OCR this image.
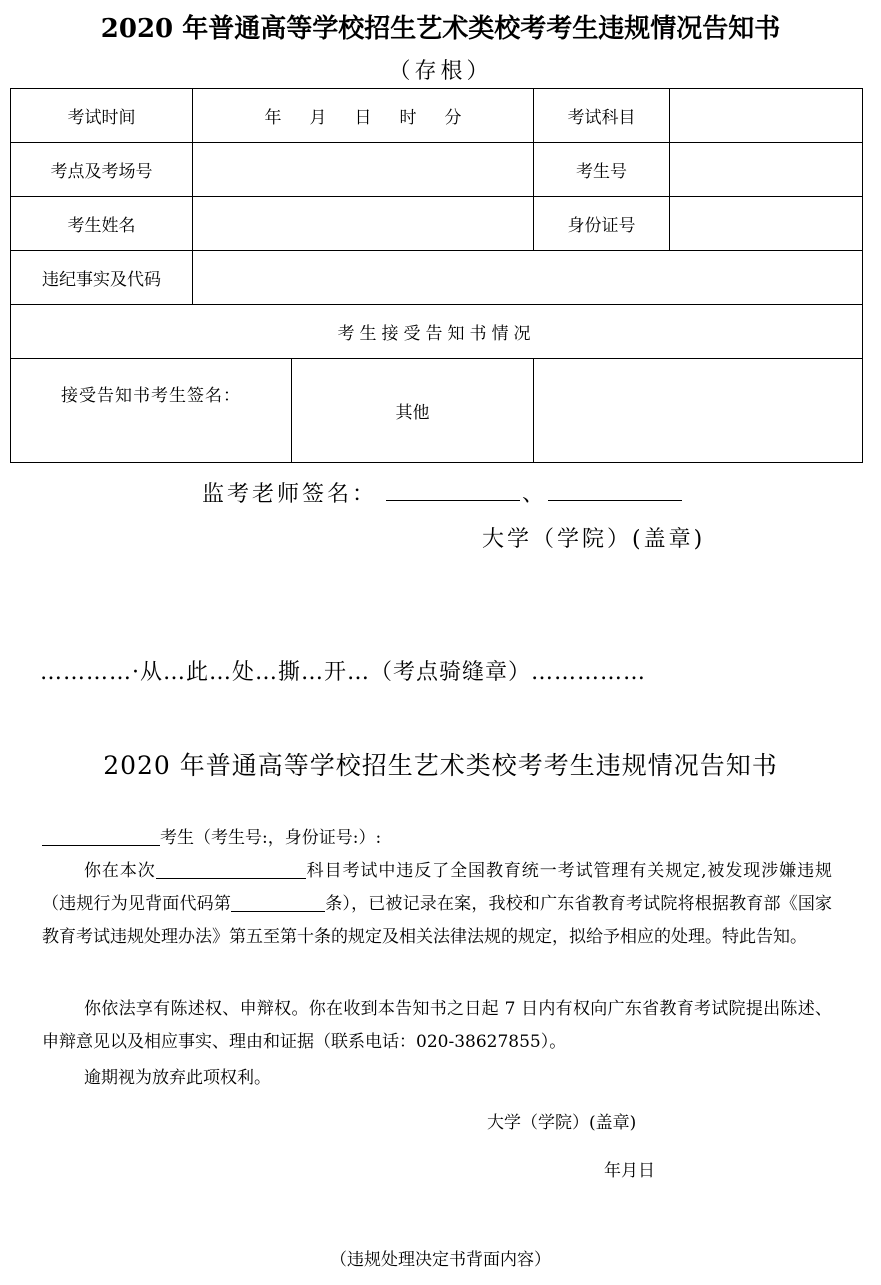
2020 年普通高等学校招生艺术类校考考生违规情况告知书
（存根）
考试时间	年 月 日 时 分		考试科目	
考点及考场号			考生号	
考生姓名			身份证号	
违纪事实及代码				
考生接受告知书情况				
接受告知书考生签名：		其他		
监考老师签名：	、
大学（学院）(盖章)
…………·从…此…处…撕…开…（考点骑缝章）……………
2020 年普通高等学校招生艺术类校考考生违规情况告知书
考生（考生号:，身份证号:）:
你在本次	科目考试中违反了全国教育统一考试管理有关规定,被发现涉嫌违规（违规行为见背面代码第	条），已被记录在案，我校和广东省教育考试院将根据教育部《国家教育考试违规处理办法》第五至第十条的规定及相关法律法规的规定，拟给予相应的处理。特此告知。
你依法享有陈述权、申辩权。你在收到本告知书之日起 7 日内有权向广东省教育考试院提出陈述、申辩意见以及相应事实、理由和证据（联系电话：020-38627855）。
逾期视为放弃此项权利。
大学（学院）(盖章)
年月日
（违规处理决定书背面内容）
